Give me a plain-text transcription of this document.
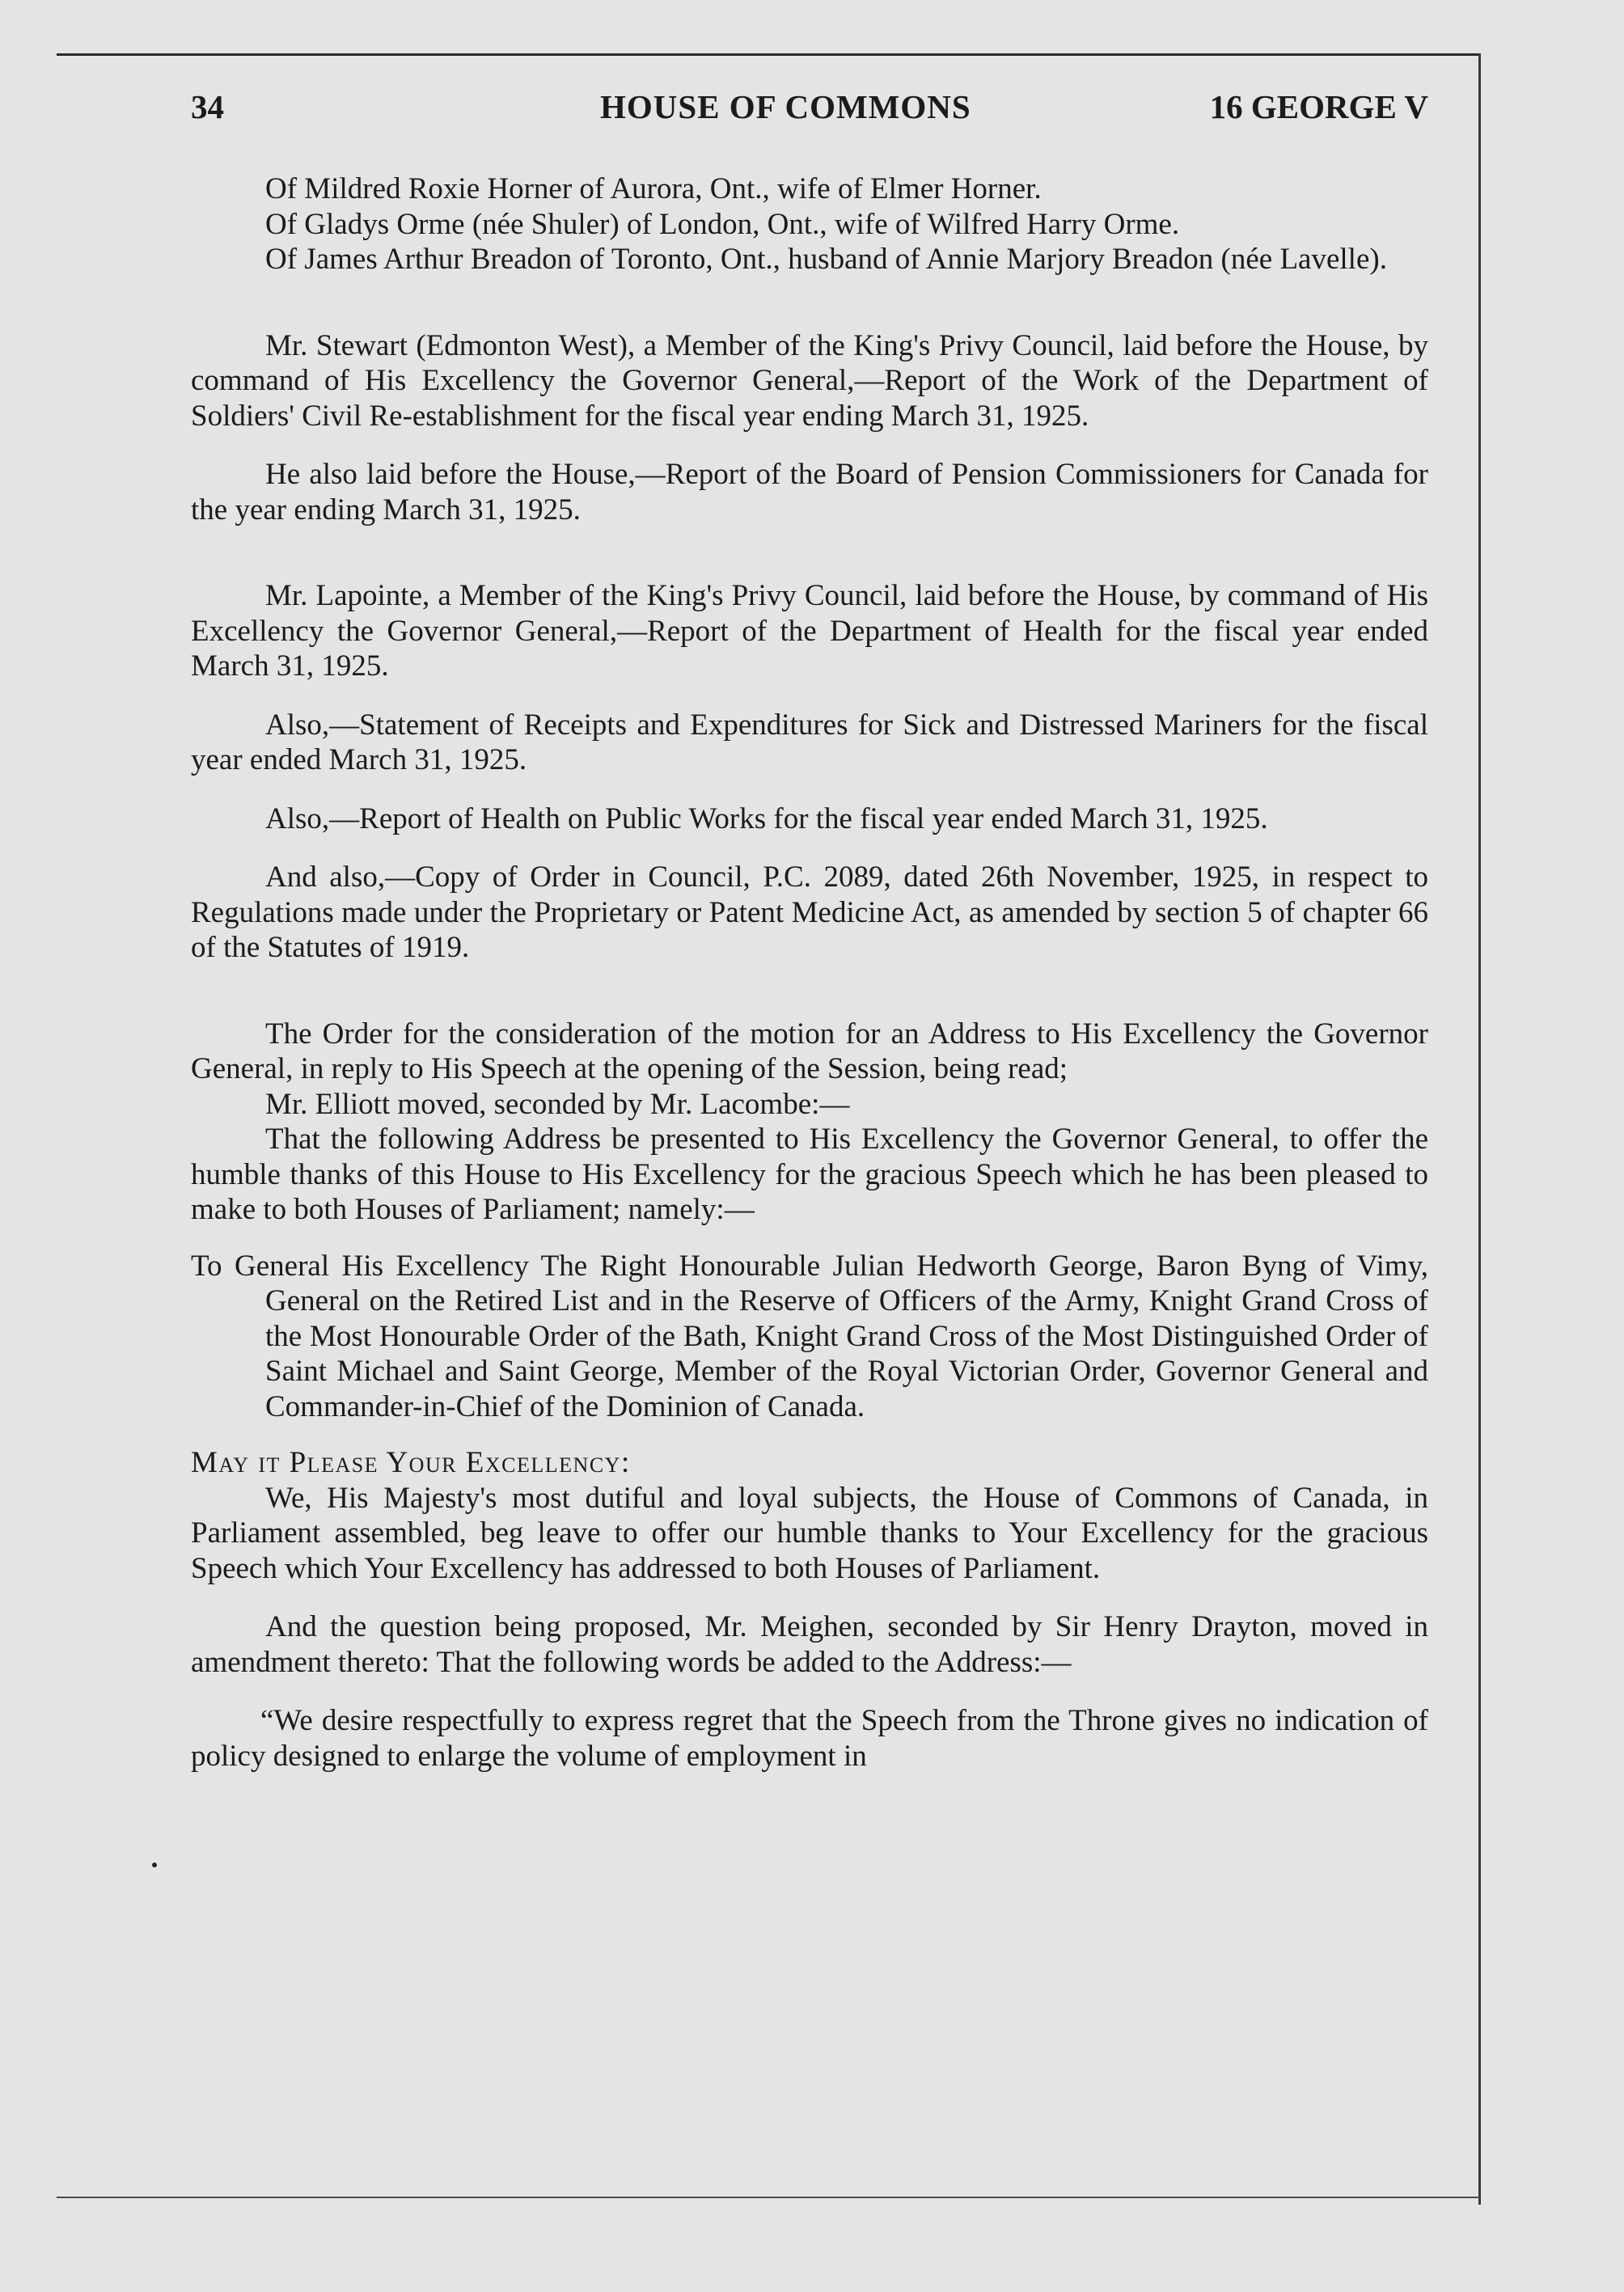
34	HOUSE OF COMMONS	16 GEORGE V

Of Mildred Roxie Horner of Aurora, Ont., wife of Elmer Horner.

Of Gladys Orme (née Shuler) of London, Ont., wife of Wilfred Harry Orme.

Of James Arthur Breadon of Toronto, Ont., husband of Annie Marjory Breadon (née Lavelle).

Mr. Stewart (Edmonton West), a Member of the King's Privy Council, laid before the House, by command of His Excellency the Governor General,—Report of the Work of the Department of Soldiers' Civil Re-establishment for the fiscal year ending March 31, 1925.

He also laid before the House,—Report of the Board of Pension Commissioners for Canada for the year ending March 31, 1925.

Mr. Lapointe, a Member of the King's Privy Council, laid before the House, by command of His Excellency the Governor General,—Report of the Department of Health for the fiscal year ended March 31, 1925.

Also,—Statement of Receipts and Expenditures for Sick and Distressed Mariners for the fiscal year ended March 31, 1925.

Also,—Report of Health on Public Works for the fiscal year ended March 31, 1925.

And also,—Copy of Order in Council, P.C. 2089, dated 26th November, 1925, in respect to Regulations made under the Proprietary or Patent Medicine Act, as amended by section 5 of chapter 66 of the Statutes of 1919.

The Order for the consideration of the motion for an Address to His Excellency the Governor General, in reply to His Speech at the opening of the Session, being read;

Mr. Elliott moved, seconded by Mr. Lacombe:—

That the following Address be presented to His Excellency the Governor General, to offer the humble thanks of this House to His Excellency for the gracious Speech which he has been pleased to make to both Houses of Parliament; namely:—

To General His Excellency The Right Honourable Julian Hedworth George, Baron Byng of Vimy, General on the Retired List and in the Reserve of Officers of the Army, Knight Grand Cross of the Most Honourable Order of the Bath, Knight Grand Cross of the Most Distinguished Order of Saint Michael and Saint George, Member of the Royal Victorian Order, Governor General and Commander-in-Chief of the Dominion of Canada.

May it Please Your Excellency:

We, His Majesty's most dutiful and loyal subjects, the House of Commons of Canada, in Parliament assembled, beg leave to offer our humble thanks to Your Excellency for the gracious Speech which Your Excellency has addressed to both Houses of Parliament.

And the question being proposed, Mr. Meighen, seconded by Sir Henry Drayton, moved in amendment thereto: That the following words be added to the Address:—

“We desire respectfully to express regret that the Speech from the Throne gives no indication of policy designed to enlarge the volume of employment in
